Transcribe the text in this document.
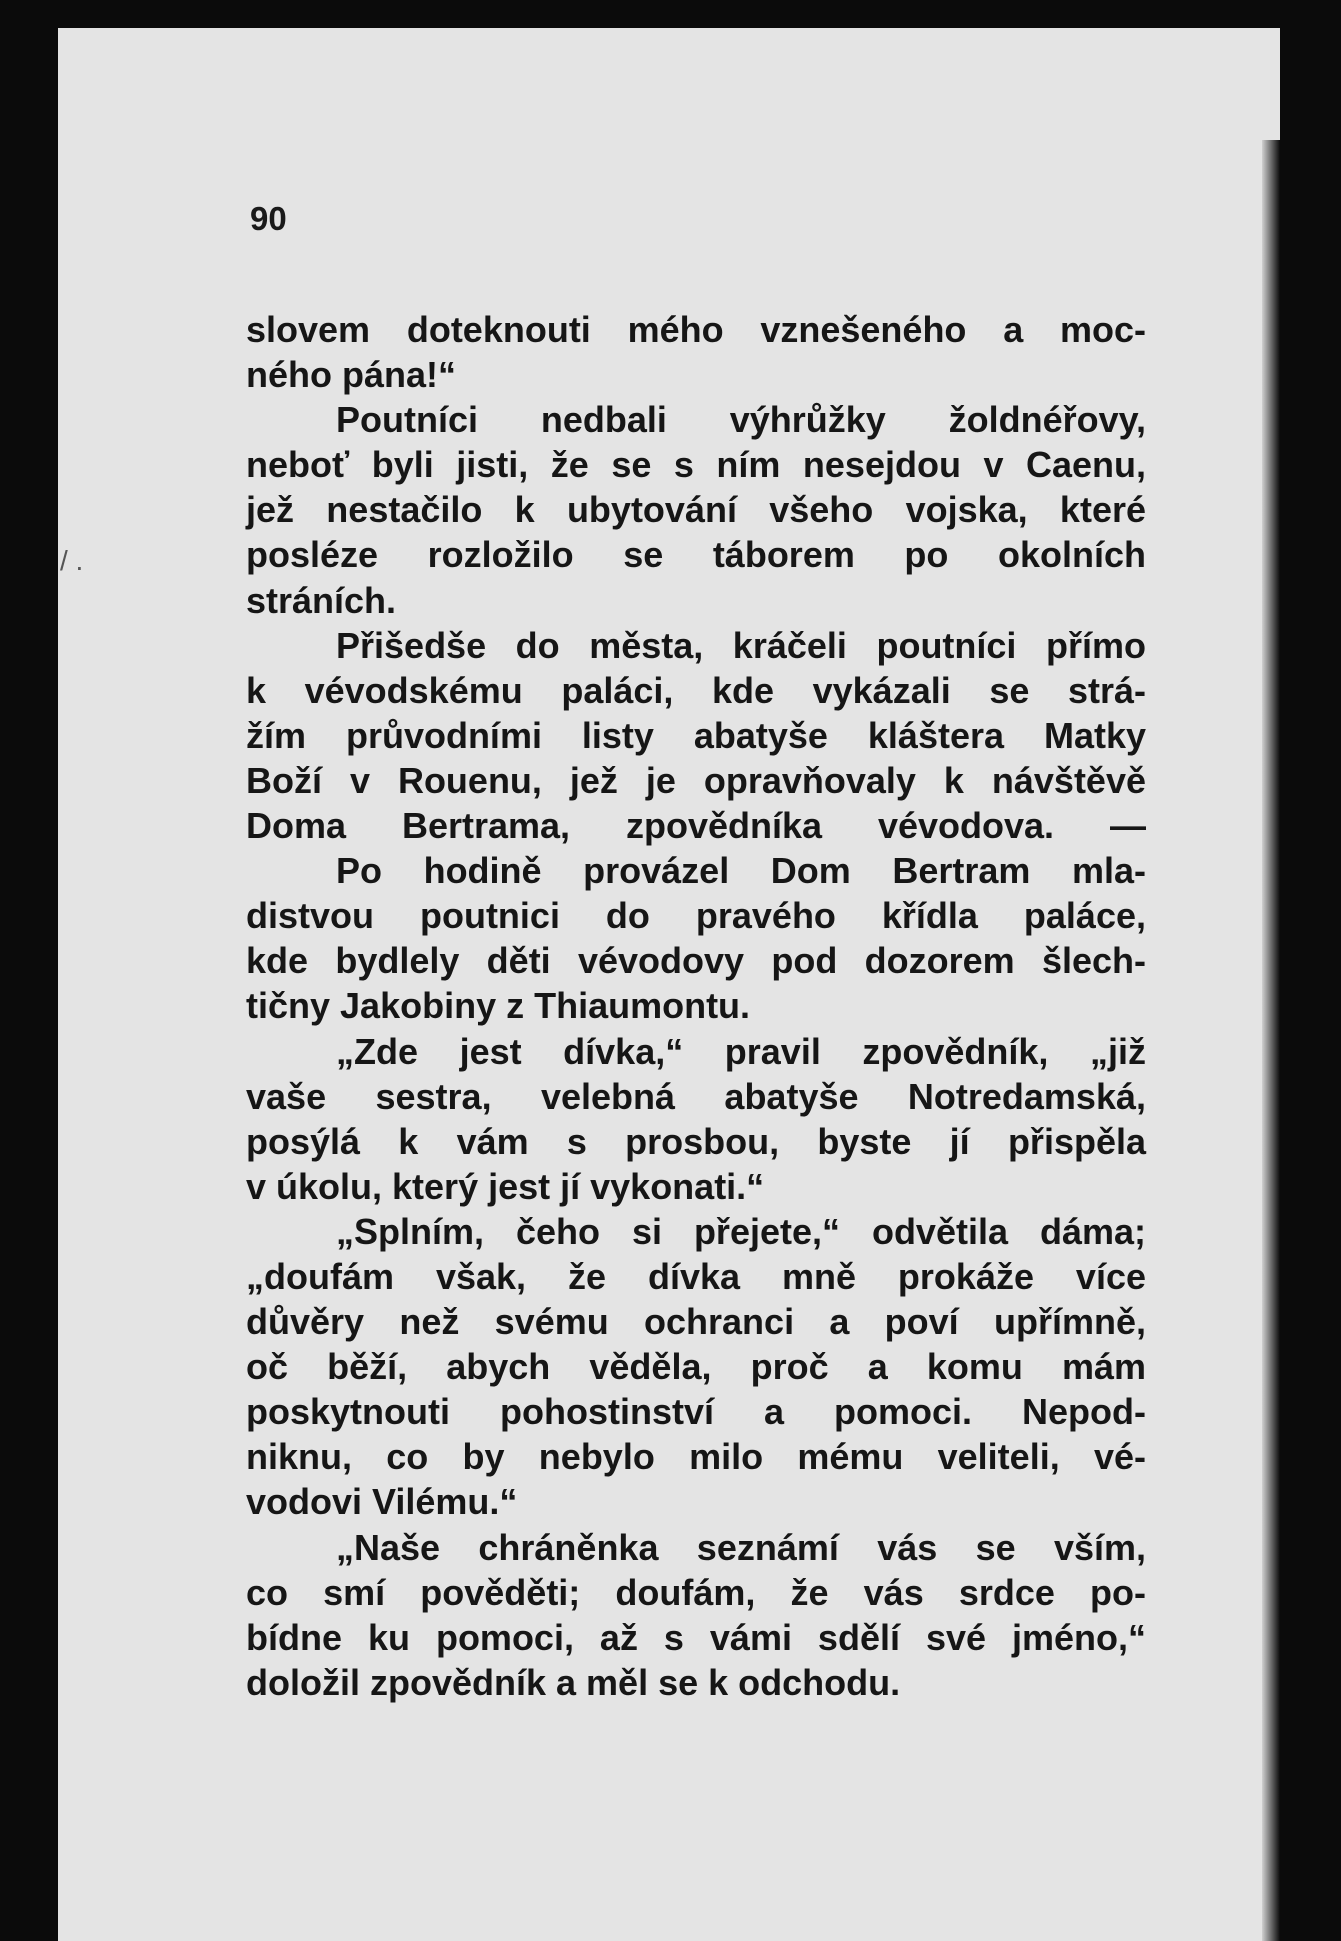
/ .
90
slovem doteknouti mého vznešeného a moc-
ného pána!“
Poutníci nedbali výhrůžky žoldnéřovy,
neboť byli jisti, že se s ním nesejdou v Caenu,
jež nestačilo k ubytování všeho vojska, které
posléze rozložilo se táborem po okolních
stráních.
Přišedše do města, kráčeli poutníci přímo
k vévodskému paláci, kde vykázali se strá-
žím průvodními listy abatyše kláštera Matky
Boží v Rouenu, jež je opravňovaly k návštěvě
Doma Bertrama, zpovědníka vévodova. —
Po hodině provázel Dom Bertram mla-
distvou poutnici do pravého křídla paláce,
kde bydlely děti vévodovy pod dozorem šlech-
tičny Jakobiny z Thiaumontu.
„Zde jest dívka,“ pravil zpovědník, „již
vaše sestra, velebná abatyše Notredamská,
posýlá k vám s prosbou, byste jí přispěla
v úkolu, který jest jí vykonati.“
„Splním, čeho si přejete,“ odvětila dáma;
„doufám však, že dívka mně prokáže více
důvěry než svému ochranci a poví upřímně,
oč běží, abych věděla, proč a komu mám
poskytnouti pohostinství a pomoci. Nepod-
niknu, co by nebylo milo mému veliteli, vé-
vodovi Vilému.“
„Naše chráněnka seznámí vás se vším,
co smí pověděti; doufám, že vás srdce po-
bídne ku pomoci, až s vámi sdělí své jméno,“
doložil zpovědník a měl se k odchodu.
